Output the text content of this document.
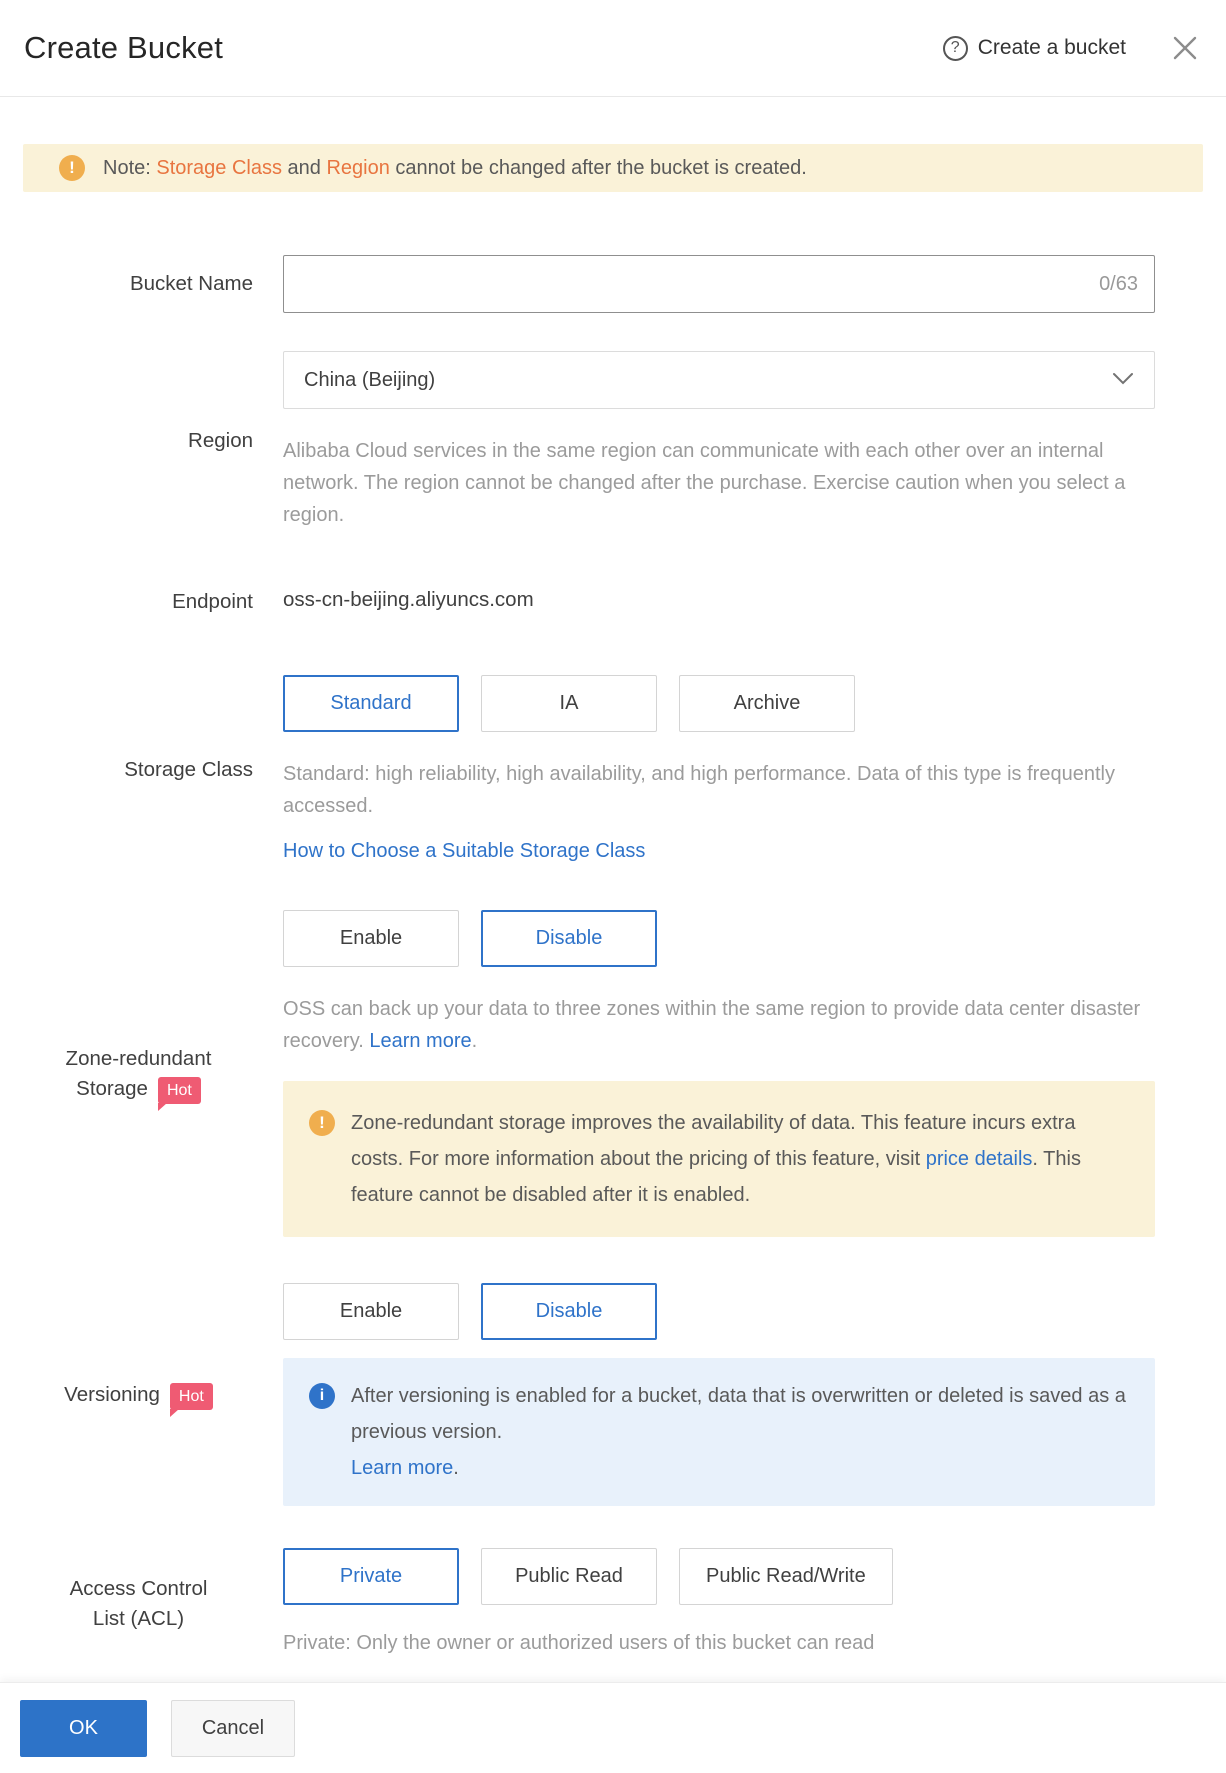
Create Bucket	? Create a bucket
!	Note: Storage Class and Region cannot be changed after the bucket is created.
Bucket Name	0/63
Region
China (Beijing)
Alibaba Cloud services in the same region can communicate with each other over an internal network. The region cannot be changed after the purchase. Exercise caution when you select a region.
Endpoint oss-cn-beijing.aliyuncs.com
Storage Class
Standard	IA	Archive
Standard: high reliability, high availability, and high performance. Data of this type is frequently accessed.
How to Choose a Suitable Storage Class
Zone-redundant
Storage Hot
Enable	Disable
OSS can back up your data to three zones within the same region to provide data center disaster recovery. Learn more.
!	Zone-redundant storage improves the availability of data. This feature incurs extra costs. For more information about the pricing of this feature, visit price details. This feature cannot be disabled after it is enabled.
Versioning Hot
Enable	Disable
i	After versioning is enabled for a bucket, data that is overwritten or deleted is saved as a previous version.
Learn more.
Access Control
List (ACL)
Private	Public Read	Public Read/Write
Private: Only the owner or authorized users of this bucket can read
OK	Cancel
